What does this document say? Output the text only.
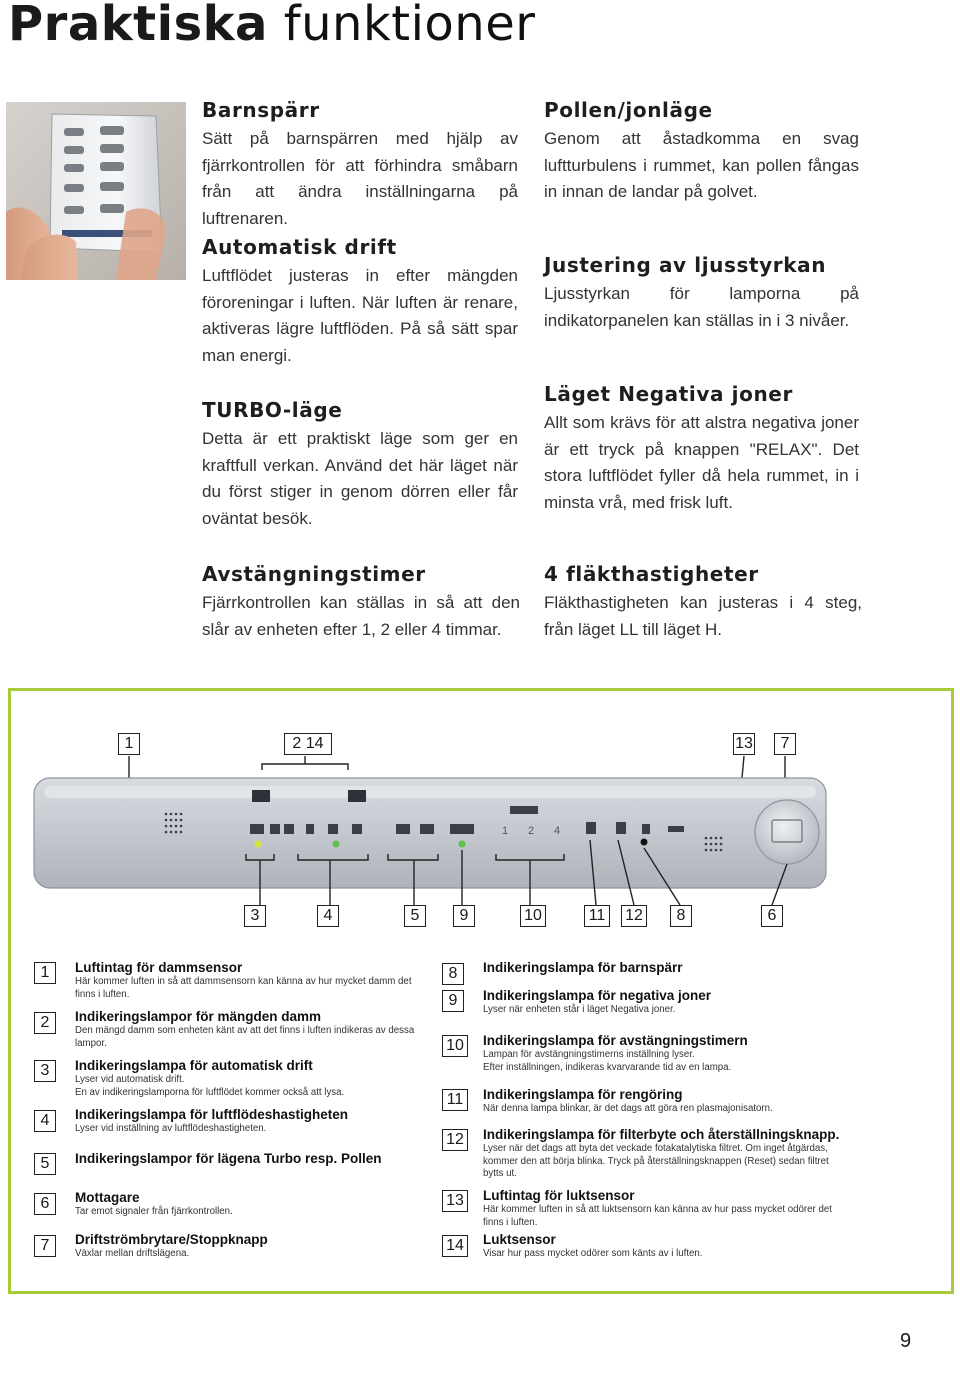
Praktiska funktioner
Barnspärr

Sätt på barnspärren med hjälp av fjärrkontrollen för att förhindra småbarn från att ändra inställningarna på luftrenaren.

Automatisk drift

Luftflödet justeras in efter mängden föroreningar i luften. När luften är renare, aktiveras lägre luftflöden. På så sätt spar man energi.

TURBO-läge

Detta är ett praktiskt läge som ger en kraftfull verkan. Använd det här läget när du först stiger in genom dörren eller får oväntat besök.

Avstängningstimer

Fjärrkontrollen kan ställas in så att den slår av enheten efter 1, 2 eller 4 timmar.

Pollen/jonläge

Genom att åstadkomma en svag luftturbulens i rummet, kan pollen fångas in innan de landar på golvet.

Justering av ljusstyrkan

Ljusstyrkan för lamporna på indikatorpanelen kan ställas in i 3 nivåer.

Läget Negativa joner

Allt som krävs för att alstra negativa joner är ett tryck på knappen "RELAX". Det stora luftflödet fyller då hela rummet, in i minsta vrå, med frisk luft.

4 fläkthastigheter

Fläkthastigheten kan justeras i 4 steg, från läget LL till läget H.

1	2 14	13	7
1 2 4
3	4	5	9	10	11 12	8	6
1	Luftintag för dammsensor
Här kommer luften in så att dammsensorn kan känna av hur mycket damm det finns i luften.
2	Indikeringslampor för mängden damm
Den mängd damm som enheten känt av att det finns i luften indikeras av dessa lampor.
3	Indikeringslampa för automatisk drift
Lyser vid automatisk drift.
En av indikeringslamporna för luftflödet kommer också att lysa.
4	Indikeringslampa för luftflödeshastigheten
Lyser vid inställning av luftflödeshastigheten.
5	Indikeringslampor för lägena Turbo resp. Pollen
6	Mottagare
Tar emot signaler från fjärrkontrollen.
7	Driftströmbrytare/Stoppknapp
Växlar mellan driftslägena.
8	Indikeringslampa för barnspärr
9	Indikeringslampa för negativa joner
Lyser när enheten står i läget Negativa joner.
10	Indikeringslampa för avstängningstimern
Lampan för avstängningstimerns inställning lyser.
Efter inställningen, indikeras kvarvarande tid av en lampa.
11	Indikeringslampa för rengöring
När denna lampa blinkar, är det dags att göra ren plasmajonisatorn.
12	Indikeringslampa för filterbyte och återställningsknapp.
Lyser när det dags att byta det veckade fotakatalytiska filtret. Om inget åtgärdas, kommer den att börja blinka. Tryck på återställningsknappen (Reset) sedan filtret bytts ut.
13	Luftintag för luktsensor
Här kommer luften in så att luktsensorn kan känna av hur pass mycket odörer det finns i luften.
14	Luktsensor
Visar hur pass mycket odörer som känts av i luften.
9
